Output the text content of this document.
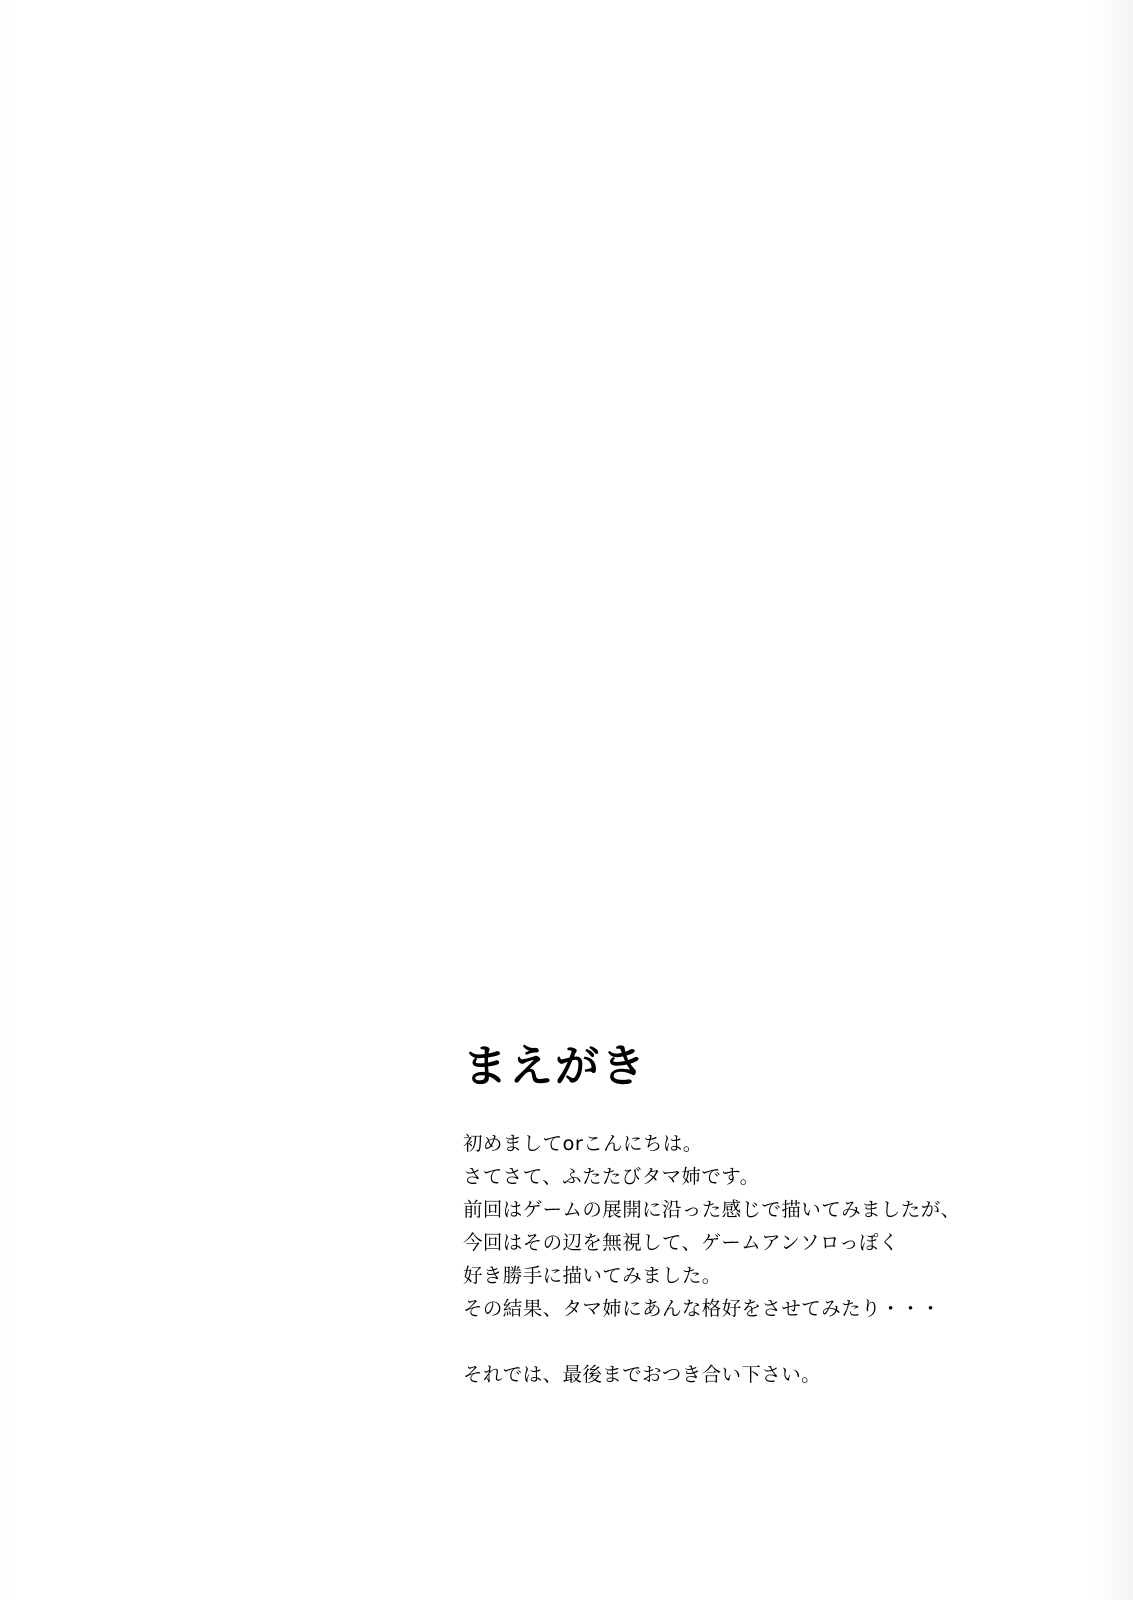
まえがき

初めましてorこんにちは。

さてさて、ふたたびタマ姉です。

前回はゲームの展開に沿った感じで描いてみましたが、

今回はその辺を無視して、ゲームアンソロっぽく

好き勝手に描いてみました。

その結果、タマ姉にあんな格好をさせてみたり・・・

それでは、最後までおつき合い下さい。
